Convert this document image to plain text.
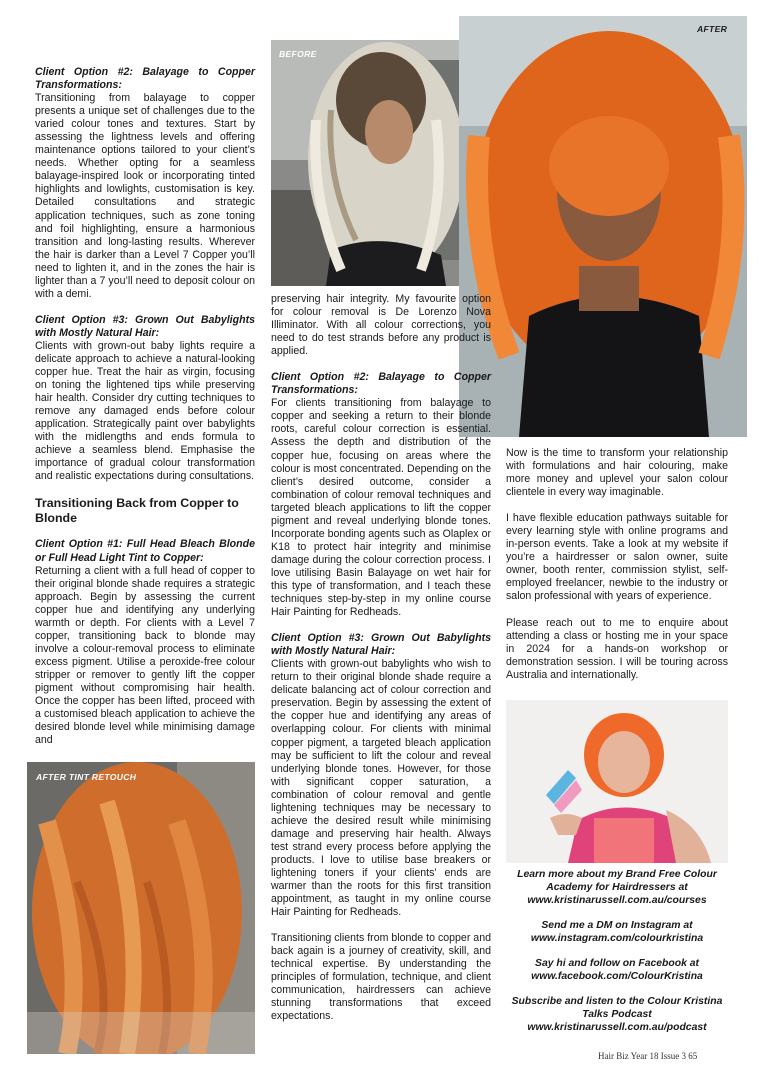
BEFORE
AFTER
AFTER TINT RETOUCH

Client Option #2: Balayage to Copper Transformations:
Transitioning from balayage to copper presents a unique set of challenges due to the varied colour tones and textures. Start by assessing the lightness levels and offering maintenance options tailored to your client’s needs. Whether opting for a seamless balayage-inspired look or incorporating tinted highlights and lowlights, customisation is key. Detailed consultations and strategic application techniques, such as zone toning and foil highlighting, ensure a harmonious transition and long-lasting results. Wherever the hair is darker than a Level 7 Copper you’ll need to lighten it, and in the zones the hair is lighter than a 7 you’ll need to deposit colour on with a demi.

Client Option #3: Grown Out Babylights with Mostly Natural Hair:
Clients with grown-out baby lights require a delicate approach to achieve a natural-looking copper hue. Treat the hair as virgin, focusing on toning the lightened tips while preserving hair health. Consider dry cutting techniques to remove any damaged ends before colour application. Strategically paint over babylights with the midlengths and ends formula to achieve a seamless blend. Emphasise the importance of gradual colour transformation and realistic expectations during consultations.

Transitioning Back from Copper to Blonde

Client Option #1: Full Head Bleach Blonde or Full Head Light Tint to Copper:
Returning a client with a full head of copper to their original blonde shade requires a strategic approach. Begin by assessing the current copper hue and identifying any underlying warmth or depth. For clients with a Level 7 copper, transitioning back to blonde may involve a colour-removal process to eliminate excess pigment. Utilise a peroxide-free colour stripper or remover to gently lift the copper pigment without compromising hair health. Once the copper has been lifted, proceed with a customised bleach application to achieve the desired blonde level while minimising damage and

preserving hair integrity. My favourite option for colour removal is De Lorenzo Nova Illiminator. With all colour corrections, you need to do test strands before any product is applied.

Client Option #2: Balayage to Copper Transformations:
For clients transitioning from balayage to copper and seeking a return to their blonde roots, careful colour correction is essential. Assess the depth and distribution of the copper hue, focusing on areas where the colour is most concentrated. Depending on the client’s desired outcome, consider a combination of colour removal techniques and targeted bleach applications to lift the copper pigment and reveal underlying blonde tones. Incorporate bonding agents such as Olaplex or K18 to protect hair integrity and minimise damage during the colour correction process. I love utilising Basin Balayage on wet hair for this type of transformation, and I teach these techniques step-by-step in my online course Hair Painting for Redheads.

Client Option #3: Grown Out Babylights with Mostly Natural Hair:
Clients with grown-out babylights who wish to return to their original blonde shade require a delicate balancing act of colour correction and preservation. Begin by assessing the extent of the copper hue and identifying any areas of overlapping colour. For clients with minimal copper pigment, a targeted bleach application may be sufficient to lift the colour and reveal underlying blonde tones. However, for those with significant copper saturation, a combination of colour removal and gentle lightening techniques may be necessary to achieve the desired result while minimising damage and preserving hair health. Always test strand every process before applying the products. I love to utilise base breakers or lightening toners if your clients’ ends are warmer than the roots for this first transition appointment, as taught in my online course Hair Painting for Redheads.

Transitioning clients from blonde to copper and back again is a journey of creativity, skill, and technical expertise. By understanding the principles of formulation, technique, and client communication, hairdressers can achieve stunning transformations that exceed expectations.

Now is the time to transform your relationship with formulations and hair colouring, make more money and uplevel your salon colour clientele in every way imaginable.

I have flexible education pathways suitable for every learning style with online programs and in-person events. Take a look at my website if you’re a hairdresser or salon owner, suite owner, booth renter, commission stylist, self-employed freelancer, newbie to the industry or salon professional with years of experience.

Please reach out to me to enquire about attending a class or hosting me in your space in 2024 for a hands-on workshop or demonstration session. I will be touring across Australia and internationally.

Learn more about my Brand Free Colour Academy for Hairdressers at
www.kristinarussell.com.au/courses
Send me a DM on Instagram at
www.instagram.com/colourkristina
Say hi and follow on Facebook at
www.facebook.com/ColourKristina
Subscribe and listen to the Colour Kristina Talks Podcast
www.kristinarussell.com.au/podcast
Hair Biz Year 18 Issue 3 65
